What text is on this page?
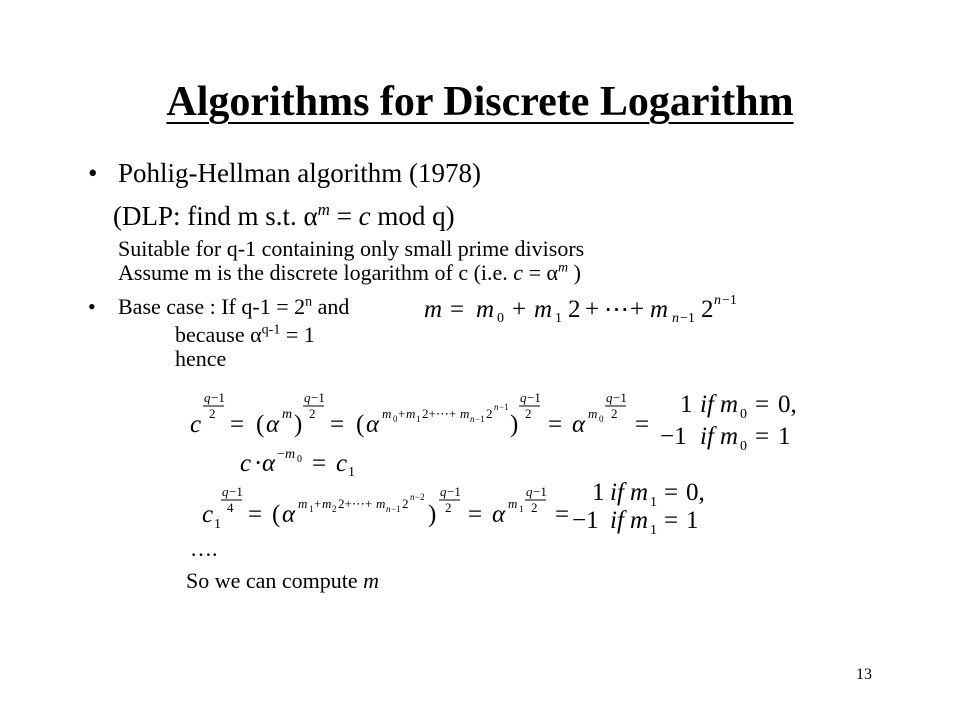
Algorithms for Discrete Logarithm
• Pohlig-Hellman algorithm (1978)
(DLP: find m s.t. $\alpha^m = c$ mod q)
Suitable for q-1 containing only small prime divisors
Assume m is the discrete logarithm of c (i.e. $c = \alpha^m$ )
• Base case : If $q-1 = 2^n$ and	m = m 0 + m 1 2 + ⋯ + m n −1 2 n −1
because $\alpha^{q-1} = 1$
hence
c
q −1
2 = ( α m )
q −1
2 = ( α m 0 + m 1 2+⋯+ m n −1 2 n −1
)
q −1
2 = α m 0
q −1
2 =
1 if m 0 = 0,
−1 if m 0 = 1
c · α − m 0 = c 1
c 1
q −1
4 = ( α m 1 + m 2 2+⋯+ m n −1 2 n −2
)
q −1
2 = α m 1
q −1
2 =
1 if m 1 = 0,
−1 if m 1 = 1
….
So we can compute m
13
